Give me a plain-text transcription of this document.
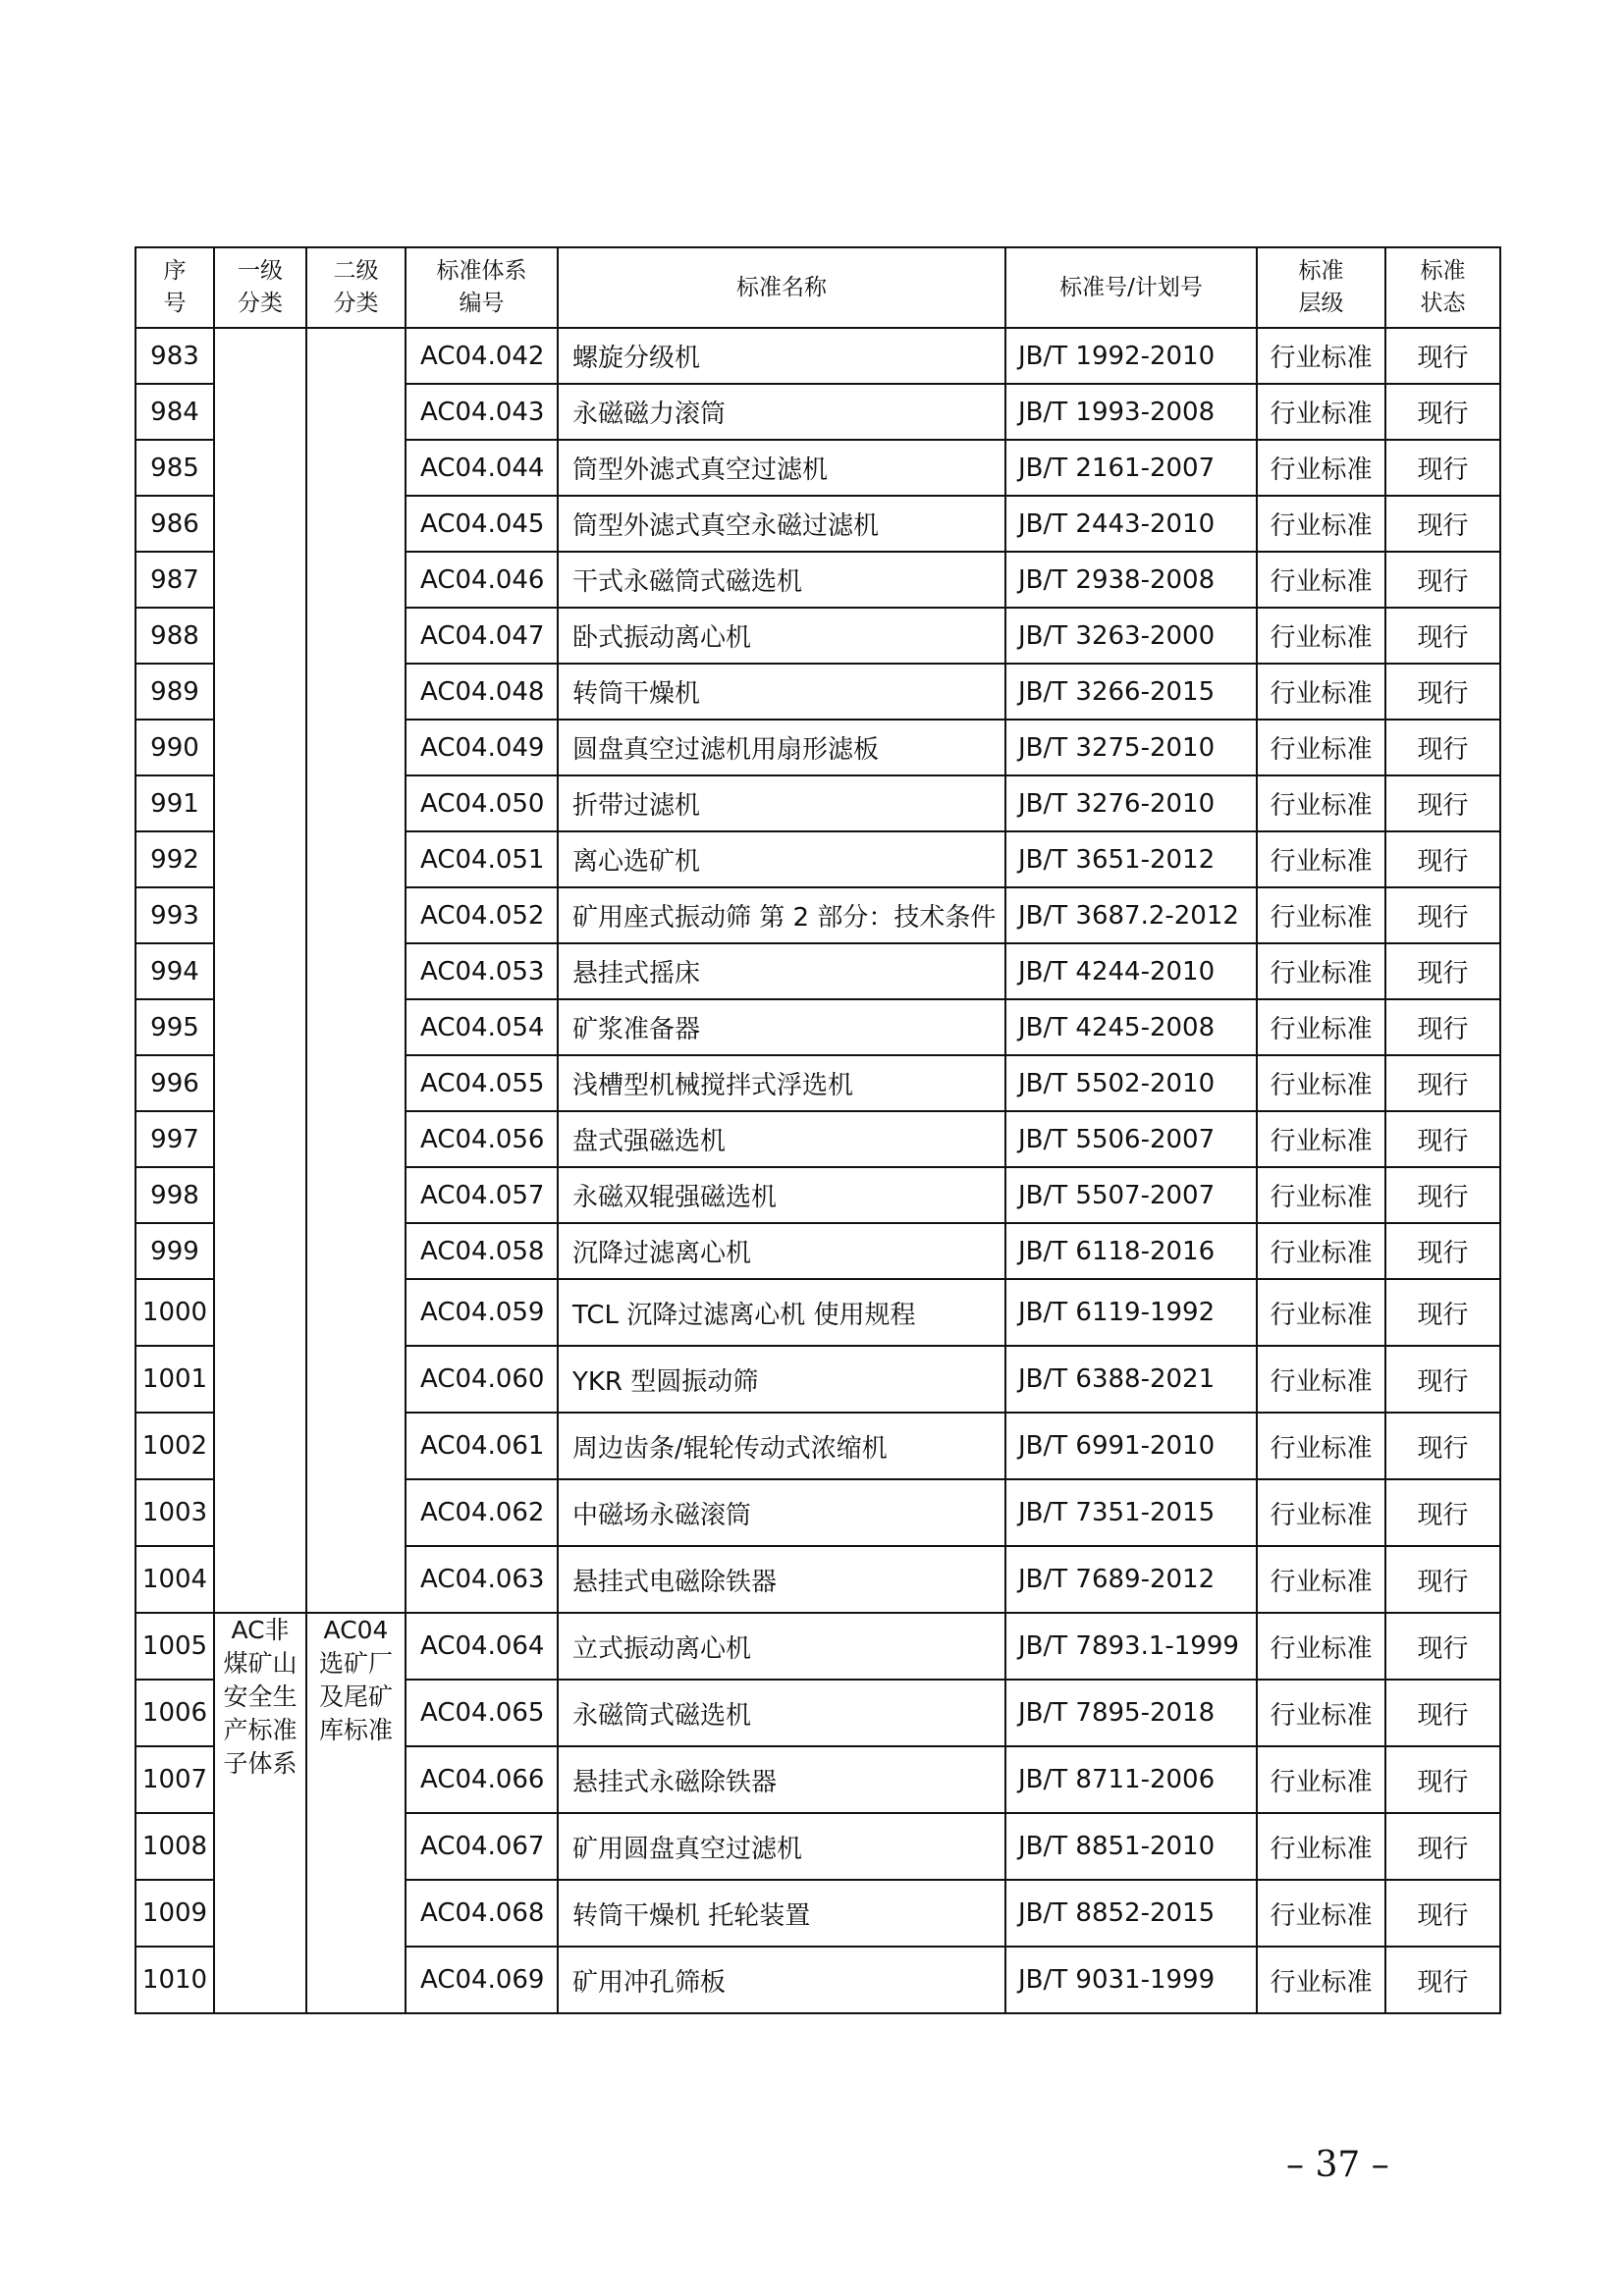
序号	一级分类	二级分类	标准体系编号	标准名称	标准号/计划号	标准层级	标准状态
983			AC04.042	螺旋分级机	JB/T 1992-2010	行业标准	现行
984			AC04.043	永磁磁力滚筒	JB/T 1993-2008	行业标准	现行
985			AC04.044	筒型外滤式真空过滤机	JB/T 2161-2007	行业标准	现行
986			AC04.045	筒型外滤式真空永磁过滤机	JB/T 2443-2010	行业标准	现行
987			AC04.046	干式永磁筒式磁选机	JB/T 2938-2008	行业标准	现行
988			AC04.047	卧式振动离心机	JB/T 3263-2000	行业标准	现行
989			AC04.048	转筒干燥机	JB/T 3266-2015	行业标准	现行
990			AC04.049	圆盘真空过滤机用扇形滤板	JB/T 3275-2010	行业标准	现行
991			AC04.050	折带过滤机	JB/T 3276-2010	行业标准	现行
992			AC04.051	离心选矿机	JB/T 3651-2012	行业标准	现行
993			AC04.052	矿用座式振动筛 第 2 部分：技术条件	JB/T 3687.2-2012	行业标准	现行
994			AC04.053	悬挂式摇床	JB/T 4244-2010	行业标准	现行
995			AC04.054	矿浆准备器	JB/T 4245-2008	行业标准	现行
996			AC04.055	浅槽型机械搅拌式浮选机	JB/T 5502-2010	行业标准	现行
997			AC04.056	盘式强磁选机	JB/T 5506-2007	行业标准	现行
998			AC04.057	永磁双辊强磁选机	JB/T 5507-2007	行业标准	现行
999			AC04.058	沉降过滤离心机	JB/T 6118-2016	行业标准	现行
1000			AC04.059	TCL 沉降过滤离心机 使用规程	JB/T 6119-1992	行业标准	现行
1001			AC04.060	YKR 型圆振动筛	JB/T 6388-2021	行业标准	现行
1002			AC04.061	周边齿条/辊轮传动式浓缩机	JB/T 6991-2010	行业标准	现行
1003			AC04.062	中磁场永磁滚筒	JB/T 7351-2015	行业标准	现行
1004			AC04.063	悬挂式电磁除铁器	JB/T 7689-2012	行业标准	现行
1005	AC非煤矿山安全生产标准子体系	AC04选矿厂及尾矿库标准	AC04.064	立式振动离心机	JB/T 7893.1-1999	行业标准	现行
1006			AC04.065	永磁筒式磁选机	JB/T 7895-2018	行业标准	现行
1007			AC04.066	悬挂式永磁除铁器	JB/T 8711-2006	行业标准	现行
1008			AC04.067	矿用圆盘真空过滤机	JB/T 8851-2010	行业标准	现行
1009			AC04.068	转筒干燥机 托轮装置	JB/T 8852-2015	行业标准	现行
1010			AC04.069	矿用冲孔筛板	JB/T 9031-1999	行业标准	现行
– 37 –
